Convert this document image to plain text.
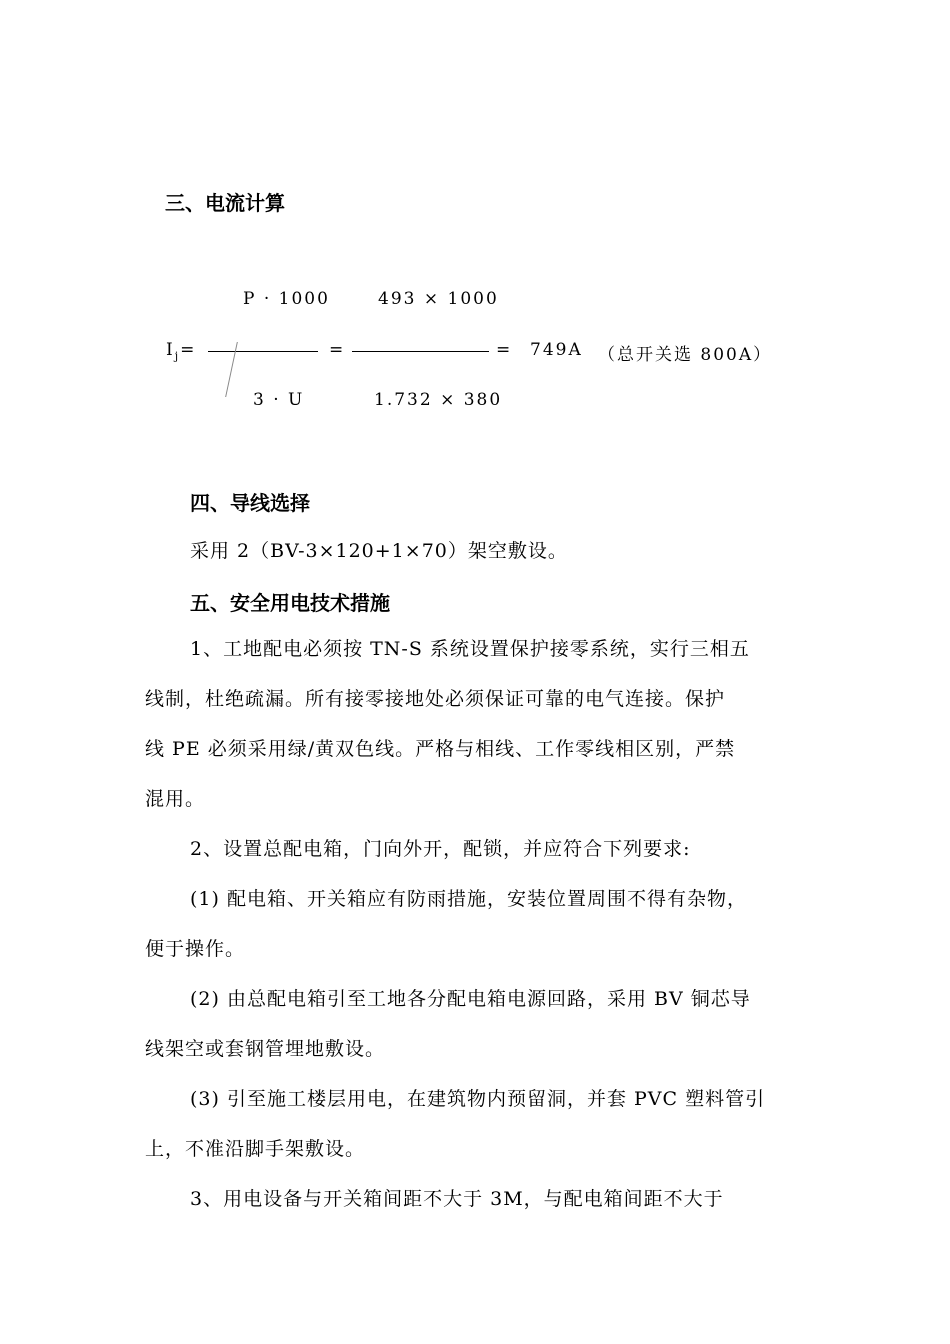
三、电流计算
P · 1000	493 × 1000
$I_j=$	=	= 749A （总开关选 800A）
3 · U	1.732 × 380
四、导线选择
采用 2（BV-3×120+1×70）架空敷设。
五、安全用电技术措施
1、工地配电必须按 TN-S 系统设置保护接零系统，实行三相五
线制，杜绝疏漏。所有接零接地处必须保证可靠的电气连接。保护
线 PE 必须采用绿/黄双色线。严格与相线、工作零线相区别，严禁
混用。
2、设置总配电箱，门向外开，配锁，并应符合下列要求:
(1) 配电箱、开关箱应有防雨措施，安装位置周围不得有杂物，
便于操作。
(2) 由总配电箱引至工地各分配电箱电源回路，采用 BV 铜芯导
线架空或套钢管埋地敷设。
(3) 引至施工楼层用电，在建筑物内预留洞，并套 PVC 塑料管引
上，不准沿脚手架敷设。
3、用电设备与开关箱间距不大于 3M，与配电箱间距不大于
